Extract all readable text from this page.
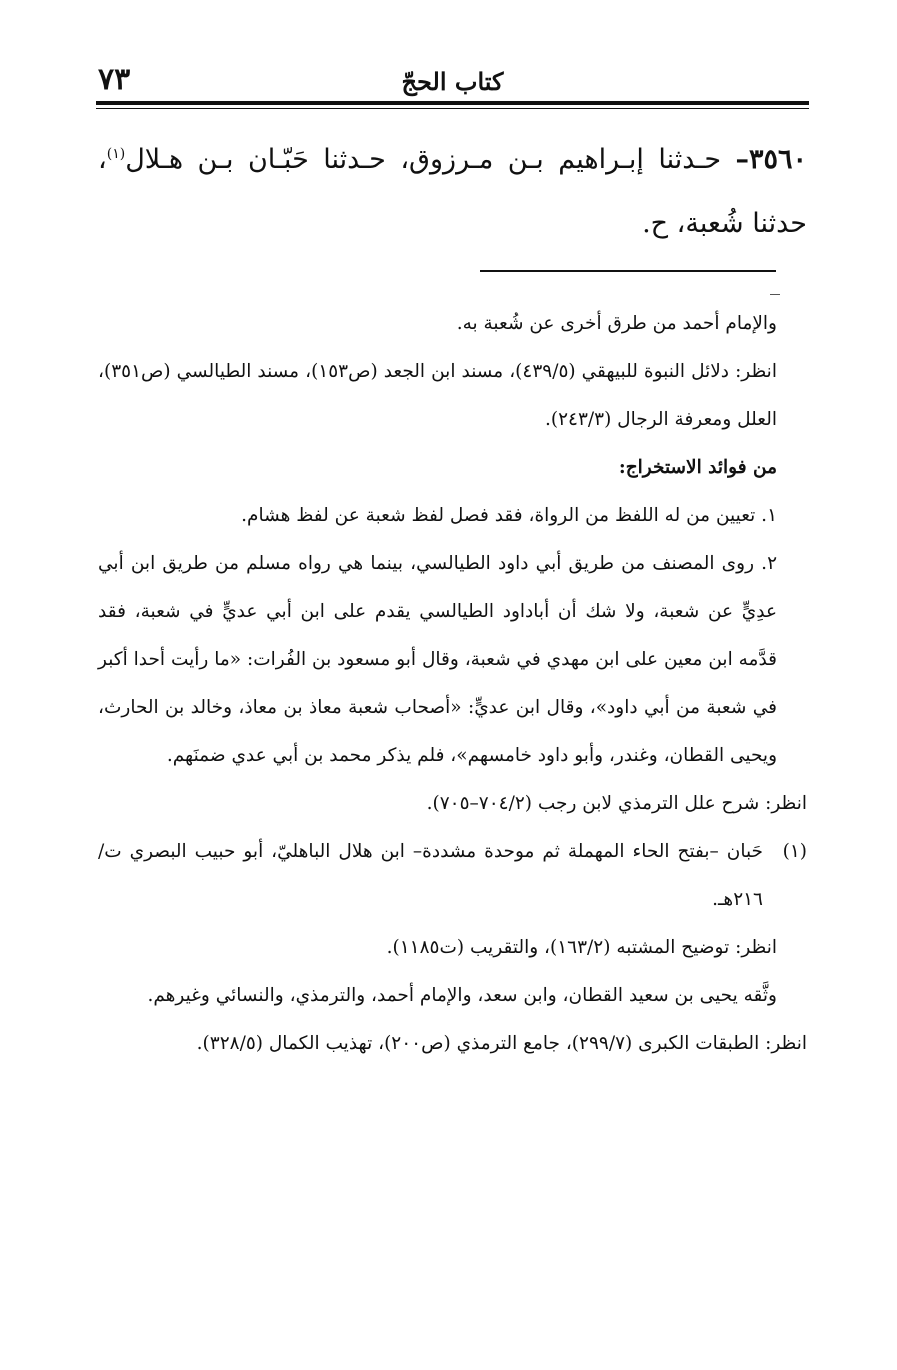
كتاب الحجّ
٧٣
٣٥٦٠– حـدثنا إبـراهيم بـن مـرزوق، حـدثنا حَبّـان بـن هـلال$^{(١)}$، حدثنا شُعبة، ح.

والإمام أحمد من طرق أخرى عن شُعبة به.

انظر: دلائل النبوة للبيهقي (٤٣٩/٥)، مسند ابن الجعد (ص١٥٣)، مسند الطيالسي (ص٣٥١)، العلل ومعرفة الرجال (٢٤٣/٣).

من فوائد الاستخراج:

١. تعيين من له اللفظ من الرواة، فقد فصل لفظ شعبة عن لفظ هشام.

٢. روى المصنف من طريق أبي داود الطيالسي، بينما هي رواه مسلم من طريق ابن أبي عدِيٍّ عن شعبة، ولا شك أن أباداود الطيالسي يقدم على ابن أبي عديٍّ في شعبة، فقد قدَّمه ابن معين على ابن مهدي في شعبة، وقال أبو مسعود بن الفُرات: «ما رأيت أحدا أكبر في شعبة من أبي داود»، وقال ابن عديٍّ: «أصحاب شعبة معاذ بن معاذ، وخالد بن الحارث، ويحيى القطان، وغندر، وأبو داود خامسهم»، فلم يذكر محمد بن أبي عدي ضمنَهم.

انظر: شرح علل الترمذي لابن رجب (٧٠٤/٢–٧٠٥).

(١)
حَبان –بفتح الحاء المهملة ثم موحدة مشددة– ابن هلال الباهليّ، أبو حبيب البصري ت/٢١٦هـ.

انظر: توضيح المشتبه (١٦٣/٢)، والتقريب (ت١١٨٥).

وثَّقه يحيى بن سعيد القطان، وابن سعد، والإمام أحمد، والترمذي، والنسائي وغيرهم.

انظر: الطبقات الكبرى (٢٩٩/٧)، جامع الترمذي (ص٢٠٠)، تهذيب الكمال (٣٢٨/٥).
